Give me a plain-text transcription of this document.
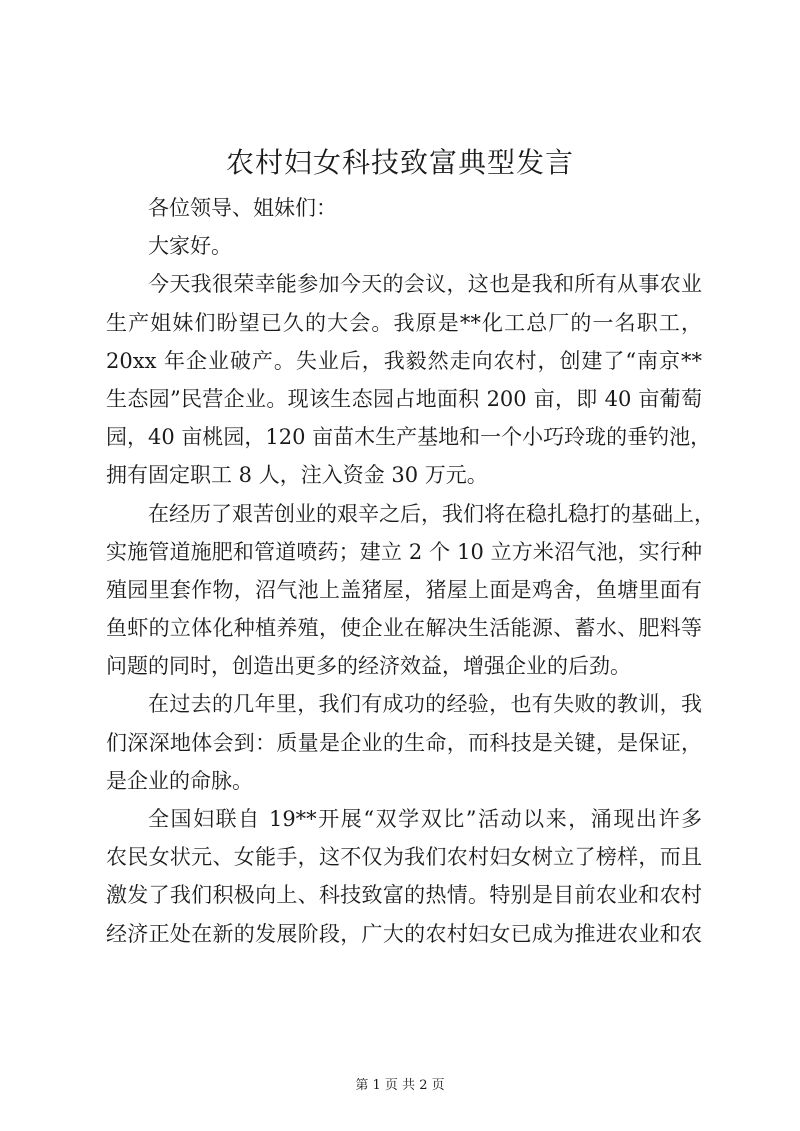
农村妇女科技致富典型发言
各位领导、姐妹们：
大家好。
今天我很荣幸能参加今天的会议，这也是我和所有从事农业
生产姐妹们盼望已久的大会。我原是**化工总厂的一名职工，
20xx 年企业破产。失业后，我毅然走向农村，创建了“南京**
生态园”民营企业。现该生态园占地面积 200 亩，即 40 亩葡萄
园，40 亩桃园，120 亩苗木生产基地和一个小巧玲珑的垂钓池，
拥有固定职工 8 人，注入资金 30 万元。
在经历了艰苦创业的艰辛之后，我们将在稳扎稳打的基础上，
实施管道施肥和管道喷药；建立 2 个 10 立方米沼气池，实行种
殖园里套作物，沼气池上盖猪屋，猪屋上面是鸡舍，鱼塘里面有
鱼虾的立体化种植养殖，使企业在解决生活能源、蓄水、肥料等
问题的同时，创造出更多的经济效益，增强企业的后劲。
在过去的几年里，我们有成功的经验，也有失败的教训，我
们深深地体会到：质量是企业的生命，而科技是关键，是保证，
是企业的命脉。
全国妇联自 19**开展“双学双比”活动以来，涌现出许多
农民女状元、女能手，这不仅为我们农村妇女树立了榜样，而且
激发了我们积极向上、科技致富的热情。特别是目前农业和农村
经济正处在新的发展阶段，广大的农村妇女已成为推进农业和农
第 1 页 共 2 页
